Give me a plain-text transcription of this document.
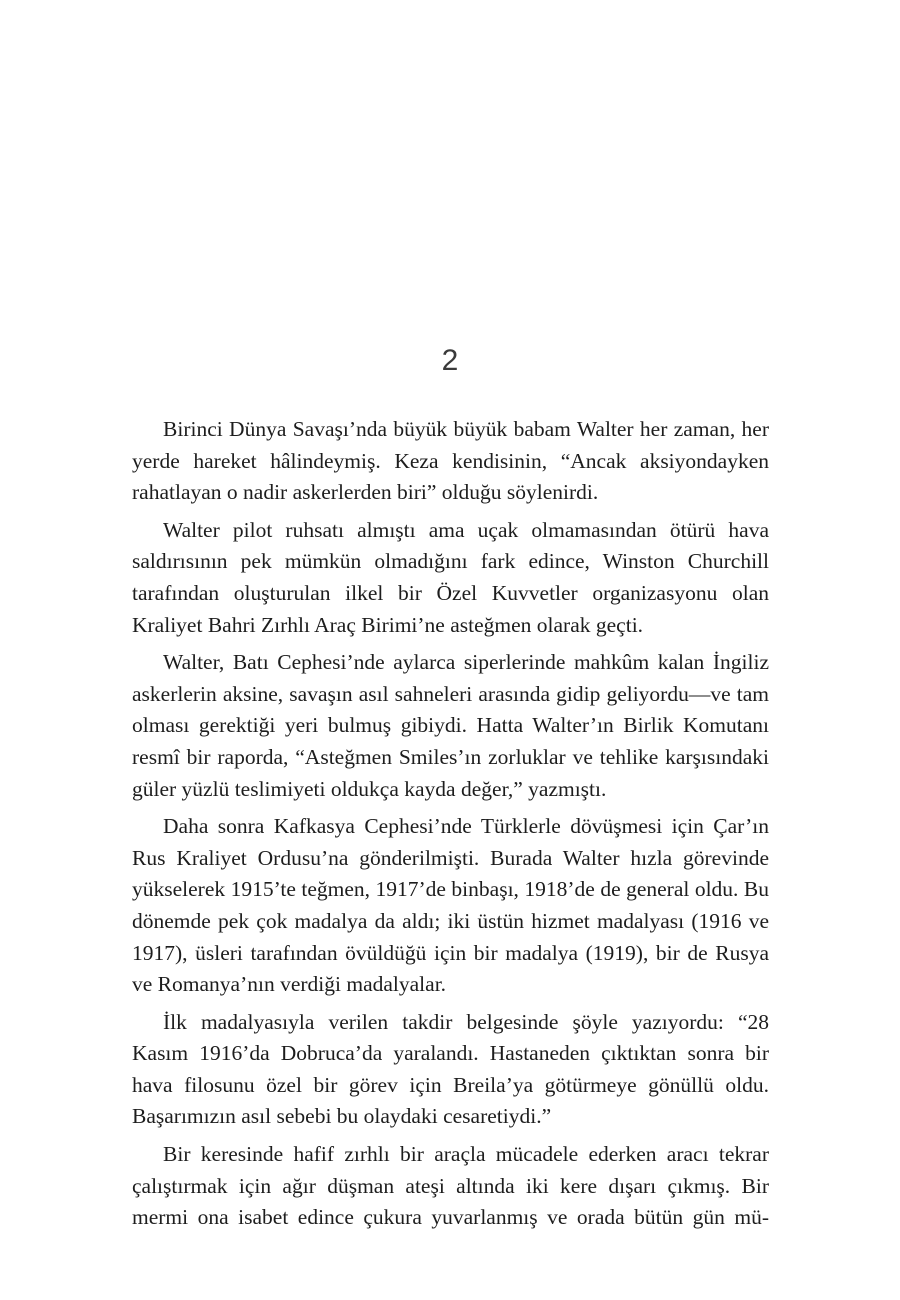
2

Birinci Dünya Savaşı’nda büyük büyük babam Walter her zaman, her yerde hareket hâlindeymiş. Keza kendisinin, “Ancak aksiyondayken rahatlayan o nadir askerlerden biri” olduğu söylenirdi.

Walter pilot ruhsatı almıştı ama uçak olmamasından ötürü hava saldırısının pek mümkün olmadığını fark edince, Winston Churchill tarafından oluşturulan ilkel bir Özel Kuvvetler organizasyonu olan Kraliyet Bahri Zırhlı Araç Birimi’ne asteğmen olarak geçti.

Walter, Batı Cephesi’nde aylarca siperlerinde mahkûm kalan İngiliz askerlerin aksine, savaşın asıl sahneleri arasında gidip geliyordu—ve tam olması gerektiği yeri bulmuş gibiydi. Hatta Walter’ın Birlik Komutanı resmî bir raporda, “Asteğmen Smiles’ın zorluklar ve tehlike karşısındaki güler yüzlü teslimiyeti oldukça kayda değer,” yazmıştı.

Daha sonra Kafkasya Cephesi’nde Türklerle dövüşmesi için Çar’ın Rus Kraliyet Ordusu’na gönderilmişti. Burada Walter hızla görevinde yükselerek 1915’te teğmen, 1917’de binbaşı, 1918’de de general oldu. Bu dönemde pek çok madalya da aldı; iki üstün hizmet madalyası (1916 ve 1917), üsleri tarafından övüldüğü için bir madalya (1919), bir de Rusya ve Romanya’nın verdiği madalyalar.

İlk madalyasıyla verilen takdir belgesinde şöyle yazıyordu: “28 Kasım 1916’da Dobruca’da yaralandı. Hastaneden çıktıktan sonra bir hava filosunu özel bir görev için Breila’ya götürmeye gönüllü oldu. Başarımızın asıl sebebi bu olaydaki cesaretiydi.”

Bir keresinde hafif zırhlı bir araçla mücadele ederken aracı tekrar çalıştırmak için ağır düşman ateşi altında iki kere dışarı çıkmış. Bir mermi ona isabet edince çukura yuvarlanmış ve orada bütün gün mü-
